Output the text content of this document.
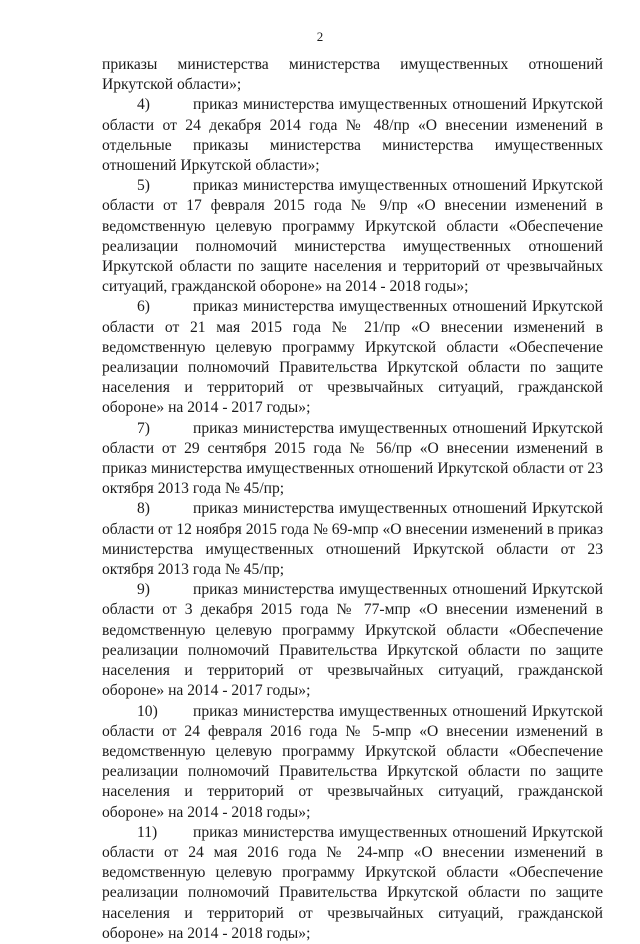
2

приказы министерства министерства имущественных отношений Иркутской области»;

4)	приказ министерства имущественных отношений Иркутской области от 24 декабря 2014 года № 48/пр «О внесении изменений в отдельные приказы министерства министерства имущественных отношений Иркутской области»;

5)	приказ министерства имущественных отношений Иркутской области от 17 февраля 2015 года № 9/пр «О внесении изменений в ведомственную целевую программу Иркутской области «Обеспечение реализации полномочий министерства имущественных отношений Иркутской области по защите населения и территорий от чрезвычайных ситуаций, гражданской обороне» на 2014 - 2018 годы»;

6)	приказ министерства имущественных отношений Иркутской области от 21 мая 2015 года № 21/пр «О внесении изменений в ведомственную целевую программу Иркутской области «Обеспечение реализации полномочий Правительства Иркутской области по защите населения и территорий от чрезвычайных ситуаций, гражданской обороне» на 2014 - 2017 годы»;

7)	приказ министерства имущественных отношений Иркутской области от 29 сентября 2015 года № 56/пр «О внесении изменений в приказ министерства имущественных отношений Иркутской области от 23 октября 2013 года № 45/пр;

8)	приказ министерства имущественных отношений Иркутской области от 12 ноября 2015 года № 69-мпр «О внесении изменений в приказ министерства имущественных отношений Иркутской области от 23 октября 2013 года № 45/пр;

9)	приказ министерства имущественных отношений Иркутской области от 3 декабря 2015 года № 77-мпр «О внесении изменений в ведомственную целевую программу Иркутской области «Обеспечение реализации полномочий Правительства Иркутской области по защите населения и территорий от чрезвычайных ситуаций, гражданской обороне» на 2014 - 2017 годы»;

10) приказ министерства имущественных отношений Иркутской области от 24 февраля 2016 года № 5-мпр «О внесении изменений в ведомственную целевую программу Иркутской области «Обеспечение реализации полномочий Правительства Иркутской области по защите населения и территорий от чрезвычайных ситуаций, гражданской обороне» на 2014 - 2018 годы»;

11) приказ министерства имущественных отношений Иркутской области от 24 мая 2016 года № 24-мпр «О внесении изменений в ведомственную целевую программу Иркутской области «Обеспечение реализации полномочий Правительства Иркутской области по защите населения и территорий от чрезвычайных ситуаций, гражданской обороне» на 2014 - 2018 годы»;
